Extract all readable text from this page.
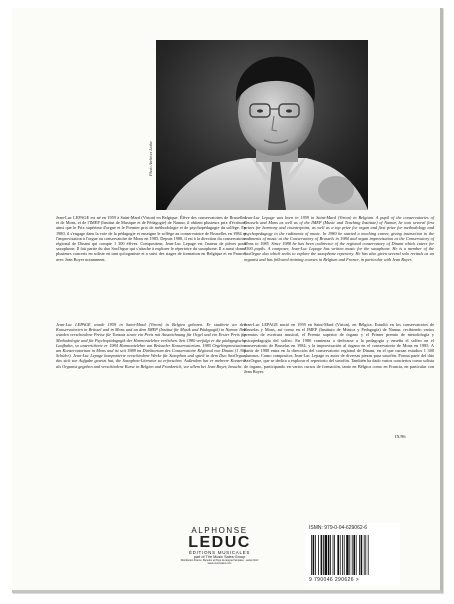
Photo Archives Leduc

Jean-Luc LEPAGE est né en 1959 à Saint-Mard (Virton) en Belgique. Élève des conservatoires de Bruxelles et de Mons, et de l'IMEP (Institut de Musique et de Pédagogie) de Namur, il obtient plusieurs prix d'écriture, ainsi que le Prix supérieur d'orgue et le Premier prix de méthodologie et de psychopédagogie du solfège. En 1980, il s'engage dans la voie de la pédagogie et enseigne le solfège au conservatoire de Bruxelles en 1984 et l'improvisation à l'orgue au conservatoire de Mons en 1985. Depuis 1988, il est à la direction du conservatoire régional de Dinant qui compte 1 300 élèves. Compositeur, Jean-Luc Lepage est l'auteur de pièces pour saxophone. Il fait partie du duo SaxOrgue qui s'attache à explorer le répertoire du saxophone. Il a aussi donné plusieurs concerts en soliste en tant qu'organiste et a suivi des stages de formation en Belgique et en France, avec Jean Boyer notamment.

Jean-Luc Lepage was born in 1959 in Saint-Mard (Virton) in Belgium. A pupil of the conservatories of Brussels and Mons as well as of the IMEP (Music and Teaching Institute) of Namur, he won several first prizes for harmony and counterpoint, as well as a top prize for organ and first prize for methodology and psychopedagogy in the rudiments of music. In 1980 he started a teaching career, giving instruction in the rudiments of music at the Conservatory of Brussels in 1984 and organ improvisation at the Conservatory of Mons in 1985. Since 1988 he has been codirector of the regional conservatory of Dinant which caters for 1300 pupils. A composer, Jean-Luc Lepage has written music for the saxophone. He is a member of the SaxOrgue duo which seeks to explore the saxophone repertory. He has also given several solo recitals as an organist and has followed training courses in Belgium and France, in particular with Jean Boyer.

Jean-Luc LEPAGE wurde 1959 in Saint-Mard (Virton) in Belgien geboren. Er studierte an den Konservatorien in Brüssel und in Mons und an dem IMEP (Institut für Musik und Pädagogik) in Namur. Ihm wurden verschiedene Preise für Tonsatz sowie ein Preis mit Auszeichnung für Orgel und ein Erster Preis für Methodologie und für Psychopädagogik der Harmonielehre verliehen. Seit 1980 verfolgt er die pädagogische Laufbahn, so unterrichtete er 1984 Harmonielehre am Brüsseler Konservatorium. 1985 Orgelimprovisation am Konservatorium in Mons und ist seit 1988 im Direktorium des Conservatoire Régional von Dinant (1 300 Schüler). Jean-Luc Lepage komponierte verschiedene Werke für Saxophon und spielt in dem Duo SaxOrgue, das sich zur Aufgabe gesetzt hat, die Saxophon-Literatur zu erforschen. Außerdem hat er mehrere Konzerte als Organist gegeben und verschiedene Kurse in Belgien und Frankreich, vor allem bei Jean Boyer, besucht.

Jean-Luc LEPAGE nació en 1959 en Saint-Mard (Virton), en Bélgica. Estudió en los conservatorios de Bruselas y Mons, así como en el IMEP (Instituto de Música y Pedagogía) de Namur, recibiendo varios premios de escritura musical, el Premio superior de órgano y el Primer premio de metodología y psicopedagogía del solfeo. En 1980 comienza a dedicarse a la pedagogía y enseña el solfeo en el conservatorio de Bruselas en 1984, y la improvisación al órgano en el conservatorio de Mons en 1985. A partir de 1988 entra en la dirección del conservatorio regional de Dinant, en el que cursan estudios 1 300 alumnos. Como compositor, Jean-Luc Lepage es autor de diversas piezas para saxofón. Forma parte del dúo SaxOrgue, que se dedica a explorar el repertorio del saxofón. También ha dado varios conciertos como solista de órgano, participando en varios cursos de formación, tanto en Bélgica como en Francia, en particular con Jean Boyer.

IX/96
ALPHONSE
LEDUC
ÉDITIONS MUSICALES
part of The Music Sales Group
Distribution France, Benelux et Pays de langue française : Leduc DLD
www.musicsales.com
ISMN: 979-0-04-629062-6
9 790046 290626 >
